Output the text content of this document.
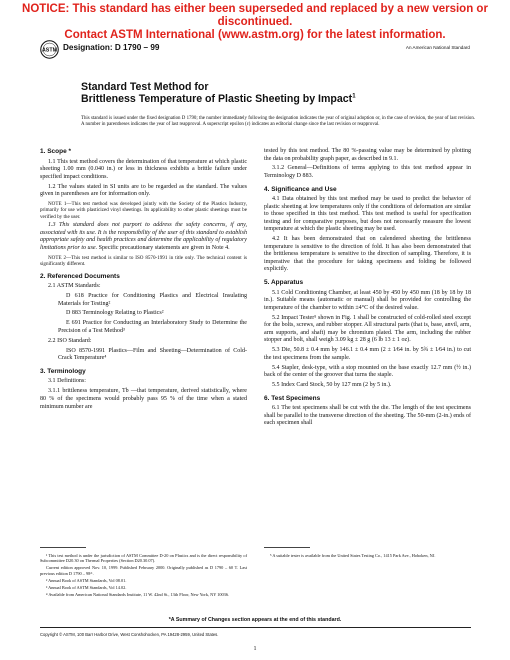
NOTICE: This standard has either been superseded and replaced by a new version or discontinued.
Contact ASTM International (www.astm.org) for the latest information.
ASTM Designation: D 1790 – 99	An American National Standard
Standard Test Method for
Brittleness Temperature of Plastic Sheeting by Impact$^1$
This standard is issued under the fixed designation D 1790; the number immediately following the designation indicates the year of original adoption or, in the case of revision, the year of last revision. A number in parentheses indicates the year of last reapproval. A superscript epsilon (ε) indicates an editorial change since the last revision or reapproval.
1. Scope *

1.1 This test method covers the determination of that temperature at which plastic sheeting 1.00 mm (0.040 in.) or less in thickness exhibits a brittle failure under specified impact conditions.

1.2 The values stated in SI units are to be regarded as the standard. The values given in parentheses are for information only.

NOTE 1—This test method was developed jointly with the Society of the Plastics Industry, primarily for use with plasticized vinyl sheetings. Its applicability to other plastic sheetings must be verified by the user.

1.3 This standard does not purport to address the safety concerns, if any, associated with its use. It is the responsibility of the user of this standard to establish appropriate safety and health practices and determine the applicability of regulatory limitations prior to use. Specific precautionary statements are given in Note 4.

NOTE 2—This test method is similar to ISO 8570-1991 in title only. The technical content is significantly different.

2. Referenced Documents

2.1 ASTM Standards:

D 618 Practice for Conditioning Plastics and Electrical Insulating Materials for Testing²

D 883 Terminology Relating to Plastics²

E 691 Practice for Conducting an Interlaboratory Study to Determine the Precision of a Test Method³

2.2 ISO Standard:

ISO 8570-1991 Plastics—Film and Sheeting—Determination of Cold-Crack Temperature⁴

3. Terminology

3.1 Definitions:

3.1.1 brittleness temperature, Tb —that temperature, derived statistically, where 80 % of the specimens would probably pass 95 % of the time when a stated minimum number are

tested by this test method. The 80 %-passing value may be determined by plotting the data on probability graph paper, as described in 9.1.

3.1.2 General—Definitions of terms applying to this test method appear in Terminology D 883.

4. Significance and Use

4.1 Data obtained by this test method may be used to predict the behavior of plastic sheeting at low temperatures only if the conditions of deformation are similar to those specified in this test method. This test method is useful for specification testing and for comparative purposes, but does not necessarily measure the lowest temperature at which the plastic sheeting may be used.

4.2 It has been demonstrated that on calendered sheeting the brittleness temperature is sensitive to the direction of fold. It has also been demonstrated that the brittleness temperature is sensitive to the direction of sampling. Therefore, it is imperative that the procedure for taking specimens and folding be followed explicitly.

5. Apparatus

5.1 Cold Conditioning Chamber, at least 450 by 450 by 450 mm (18 by 18 by 18 in.). Suitable means (automatic or manual) shall be provided for controlling the temperature of the chamber to within ±4°C of the desired value.

5.2 Impact Tester⁵ shown in Fig. 1 shall be constructed of cold-rolled steel except for the bolts, screws, and rubber stopper. All structural parts (that is, base, anvil, arm, arm supports, and shaft) may be chromium plated. The arm, including the rubber stopper and bolt, shall weigh 3.09 kg ± 28 g (6 lb 13 ± 1 oz).

5.3 Die, 50.8 ± 0.4 mm by 146.1 ± 0.4 mm (2 ± 1⁄64 in. by 5¾ ± 1⁄64 in.) to cut the test specimens from the sample.

5.4 Stapler, desk-type, with a stop mounted on the base exactly 12.7 mm (½ in.) back of the center of the groover that turns the staple.

5.5 Index Card Stock, 50 by 127 mm (2 by 5 in.).

6. Test Specimens

6.1 The test specimens shall be cut with the die. The length of the test specimens shall be parallel to the transverse direction of the sheeting. The 50-mm (2-in.) ends of each specimen shall

¹ This test method is under the jurisdiction of ASTM Committee D-20 on Plastics and is the direct responsibility of Subcommittee D20.30 on Thermal Properties (Section D20.30.07).

Current edition approved Nov. 10, 1999. Published February 2000. Originally published as D 1790 – 60 T. Last previous edition D 1790 – 98ᵋ¹.

² Annual Book of ASTM Standards, Vol 08.01.

³ Annual Book of ASTM Standards, Vol 14.02.

⁴ Available from American National Standards Institute, 11 W. 42nd St., 13th Floor, New York, NY 10036.

⁵ A suitable tester is available from the United States Testing Co., 1415 Park Ave., Hoboken, NJ.

*A Summary of Changes section appears at the end of this standard.
Copyright © ASTM, 100 Barr Harbor Drive, West Conshohocken, PA 19428-2959, United States.
1
